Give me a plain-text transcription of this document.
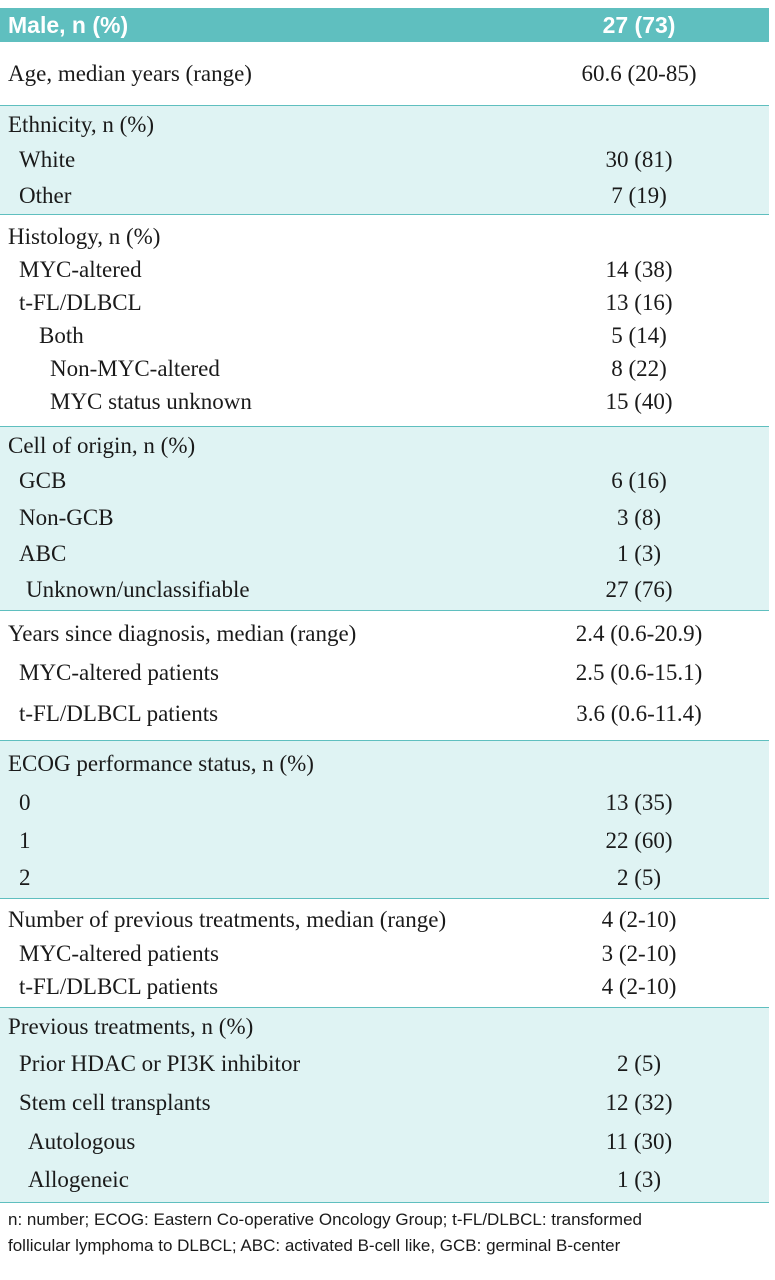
Male, n (%)	27 (73)
Age, median years (range)	60.6 (20-85)
Ethnicity, n (%)
White	30 (81)
Other	7 (19)
Histology, n (%)
MYC-altered	14 (38)
t-FL/DLBCL	13 (16)
Both	5 (14)
Non-MYC-altered	8 (22)
MYC status unknown	15 (40)
Cell of origin, n (%)
GCB	6 (16)
Non-GCB	3 (8)
ABC	1 (3)
Unknown/unclassifiable	27 (76)
Years since diagnosis, median (range)	2.4 (0.6-20.9)
MYC-altered patients	2.5 (0.6-15.1)
t-FL/DLBCL patients	3.6 (0.6-11.4)
ECOG performance status, n (%)
0	13 (35)
1	22 (60)
2	2 (5)
Number of previous treatments, median (range)	4 (2-10)
MYC-altered patients	3 (2-10)
t-FL/DLBCL patients	4 (2-10)
Previous treatments, n (%)
Prior HDAC or PI3K inhibitor	2 (5)
Stem cell transplants	12 (32)
Autologous	11 (30)
Allogeneic	1 (3)
n: number; ECOG: Eastern Co-operative Oncology Group; t-FL/DLBCL: transformed
follicular lymphoma to DLBCL; ABC: activated B-cell like, GCB: germinal B-center
